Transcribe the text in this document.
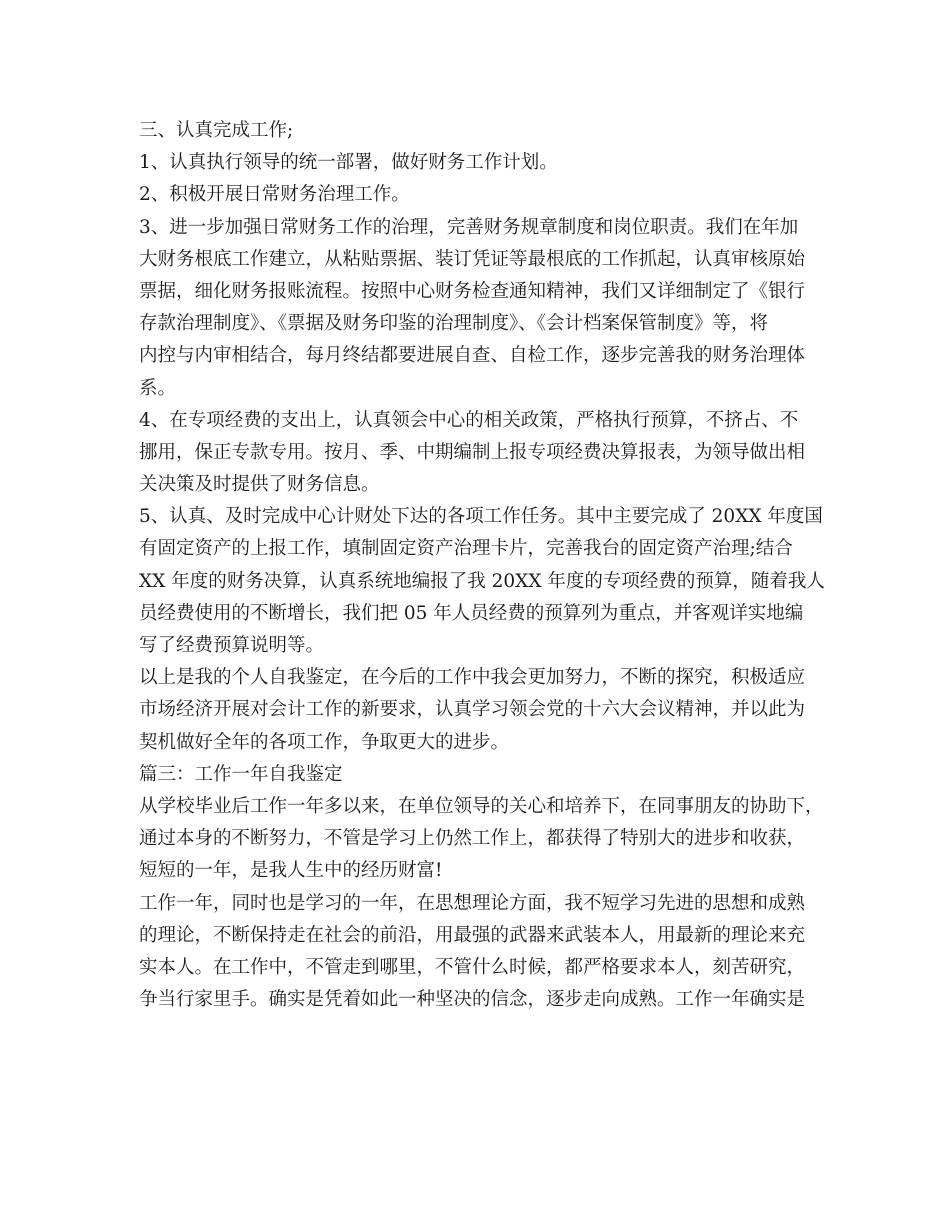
三、认真完成工作;
1、认真执行领导的统一部署，做好财务工作计划。
2、积极开展日常财务治理工作。
3、进一步加强日常财务工作的治理，完善财务规章制度和岗位职责。我们在年加
大财务根底工作建立，从粘贴票据、装订凭证等最根底的工作抓起，认真审核原始
票据，细化财务报账流程。按照中心财务检查通知精神，我们又详细制定了《银行
存款治理制度》、《票据及财务印鉴的治理制度》、《会计档案保管制度》等，将
内控与内审相结合，每月终结都要进展自查、自检工作，逐步完善我的财务治理体
系。
4、在专项经费的支出上，认真领会中心的相关政策，严格执行预算，不挤占、不
挪用，保正专款专用。按月、季、中期编制上报专项经费决算报表，为领导做出相
关决策及时提供了财务信息。
5、认真、及时完成中心计财处下达的各项工作任务。其中主要完成了 20XX 年度国
有固定资产的上报工作，填制固定资产治理卡片，完善我台的固定资产治理;结合
XX 年度的财务决算，认真系统地编报了我 20XX 年度的专项经费的预算，随着我人
员经费使用的不断增长，我们把 05 年人员经费的预算列为重点，并客观详实地编
写了经费预算说明等。
以上是我的个人自我鉴定，在今后的工作中我会更加努力，不断的探究，积极适应
市场经济开展对会计工作的新要求，认真学习领会党的十六大会议精神，并以此为
契机做好全年的各项工作，争取更大的进步。
篇三：工作一年自我鉴定
从学校毕业后工作一年多以来，在单位领导的关心和培养下，在同事朋友的协助下，
通过本身的不断努力，不管是学习上仍然工作上，都获得了特别大的进步和收获，
短短的一年，是我人生中的经历财富!
工作一年，同时也是学习的一年，在思想理论方面，我不短学习先进的思想和成熟
的理论，不断保持走在社会的前沿，用最强的武器来武装本人，用最新的理论来充
实本人。在工作中，不管走到哪里，不管什么时候，都严格要求本人，刻苦研究，
争当行家里手。确实是凭着如此一种坚决的信念，逐步走向成熟。工作一年确实是
